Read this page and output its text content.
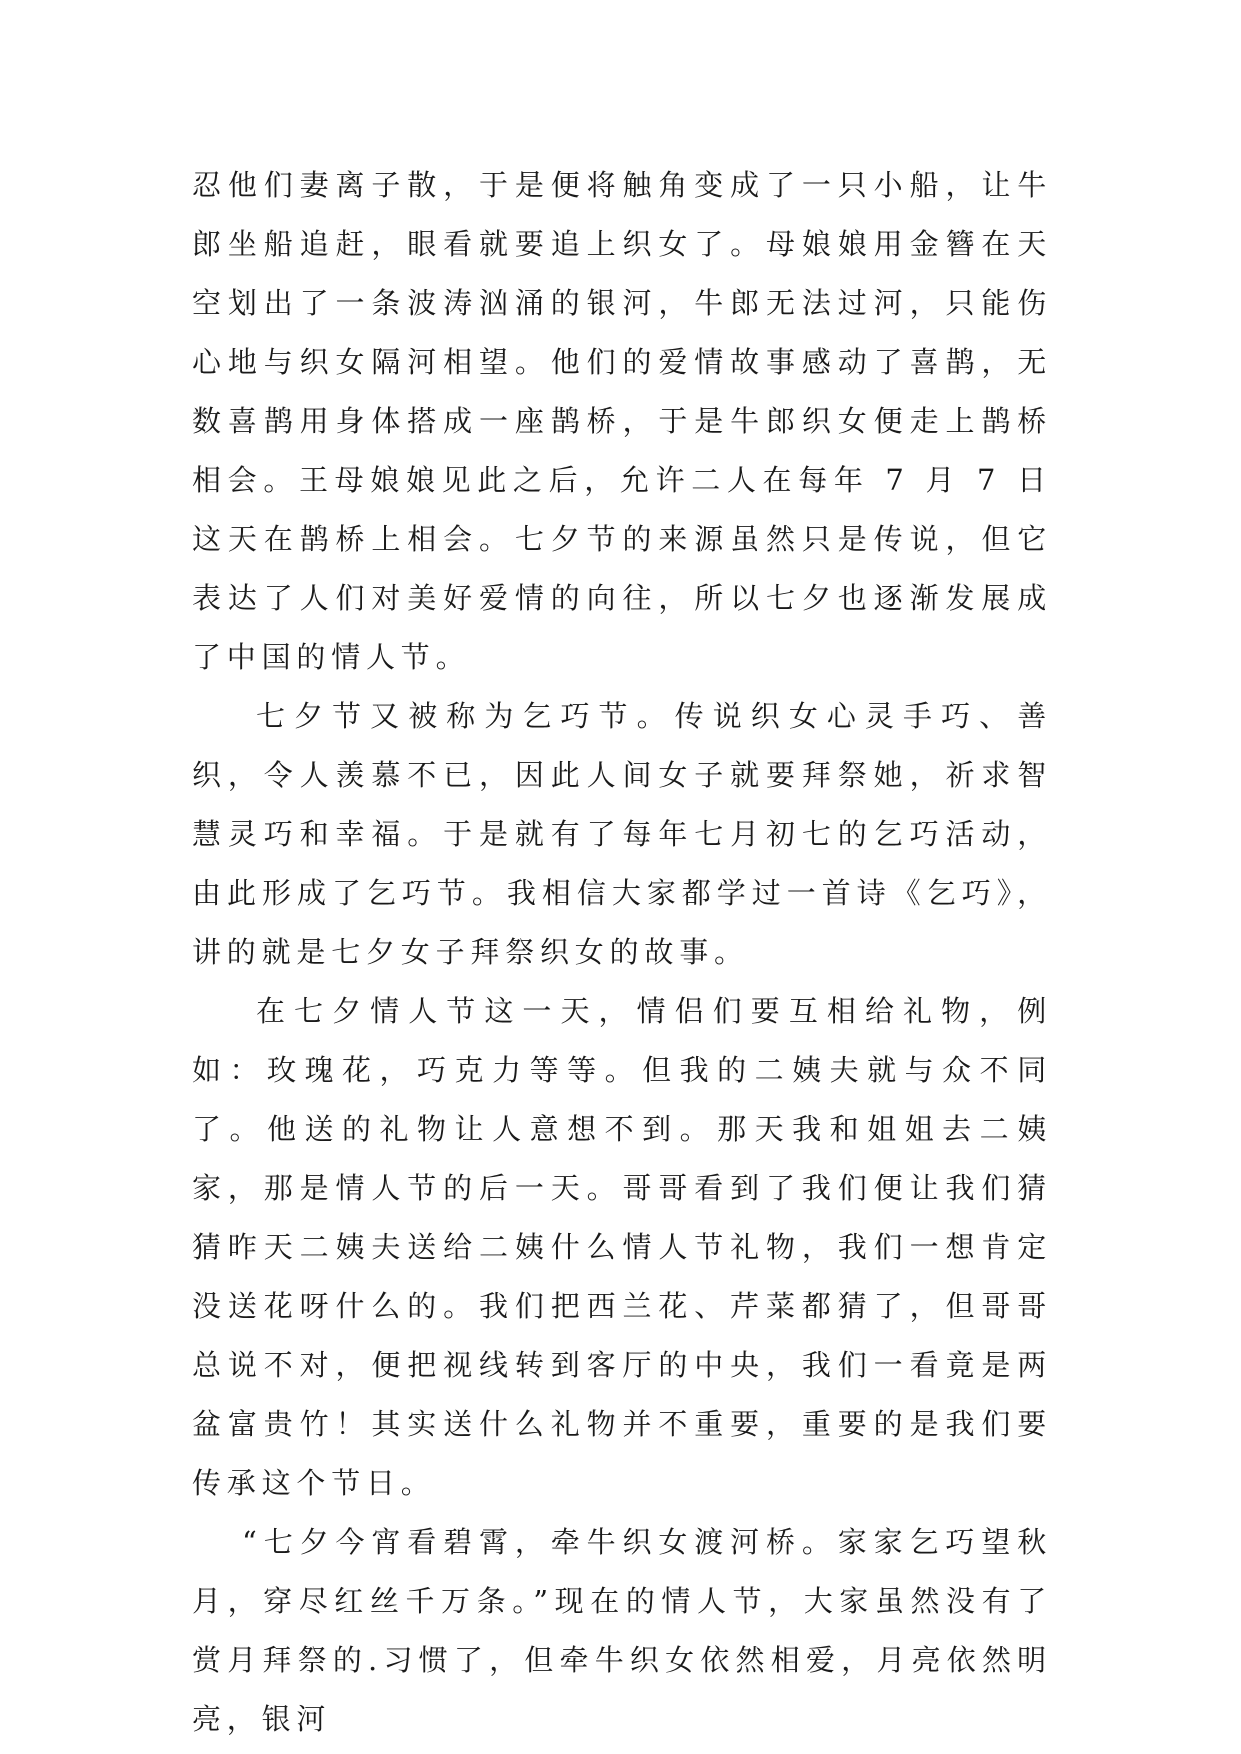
忍他们妻离子散，于是便将触角变成了一只小船，让牛郎坐船追赶，眼看就要追上织女了。母娘娘用金簪在天空划出了一条波涛汹涌的银河，牛郎无法过河，只能伤心地与织女隔河相望。他们的爱情故事感动了喜鹊，无数喜鹊用身体搭成一座鹊桥，于是牛郎织女便走上鹊桥相会。王母娘娘见此之后，允许二人在每年 7 月 7 日这天在鹊桥上相会。七夕节的来源虽然只是传说，但它表达了人们对美好爱情的向往，所以七夕也逐渐发展成了中国的情人节。

七夕节又被称为乞巧节。传说织女心灵手巧、善织，令人羡慕不已，因此人间女子就要拜祭她，祈求智慧灵巧和幸福。于是就有了每年七月初七的乞巧活动，由此形成了乞巧节。我相信大家都学过一首诗《乞巧》，讲的就是七夕女子拜祭织女的故事。

在七夕情人节这一天，情侣们要互相给礼物，例如：玫瑰花，巧克力等等。但我的二姨夫就与众不同了。他送的礼物让人意想不到。那天我和姐姐去二姨家，那是情人节的后一天。哥哥看到了我们便让我们猜猜昨天二姨夫送给二姨什么情人节礼物，我们一想肯定没送花呀什么的。我们把西兰花、芹菜都猜了，但哥哥总说不对，便把视线转到客厅的中央，我们一看竟是两盆富贵竹！其实送什么礼物并不重要，重要的是我们要传承这个节日。

“七夕今宵看碧霄，牵牛织女渡河桥。家家乞巧望秋月，穿尽红丝千万条。”现在的情人节，大家虽然没有了赏月拜祭的.习惯了，但牵牛织女依然相爱，月亮依然明亮，银河
